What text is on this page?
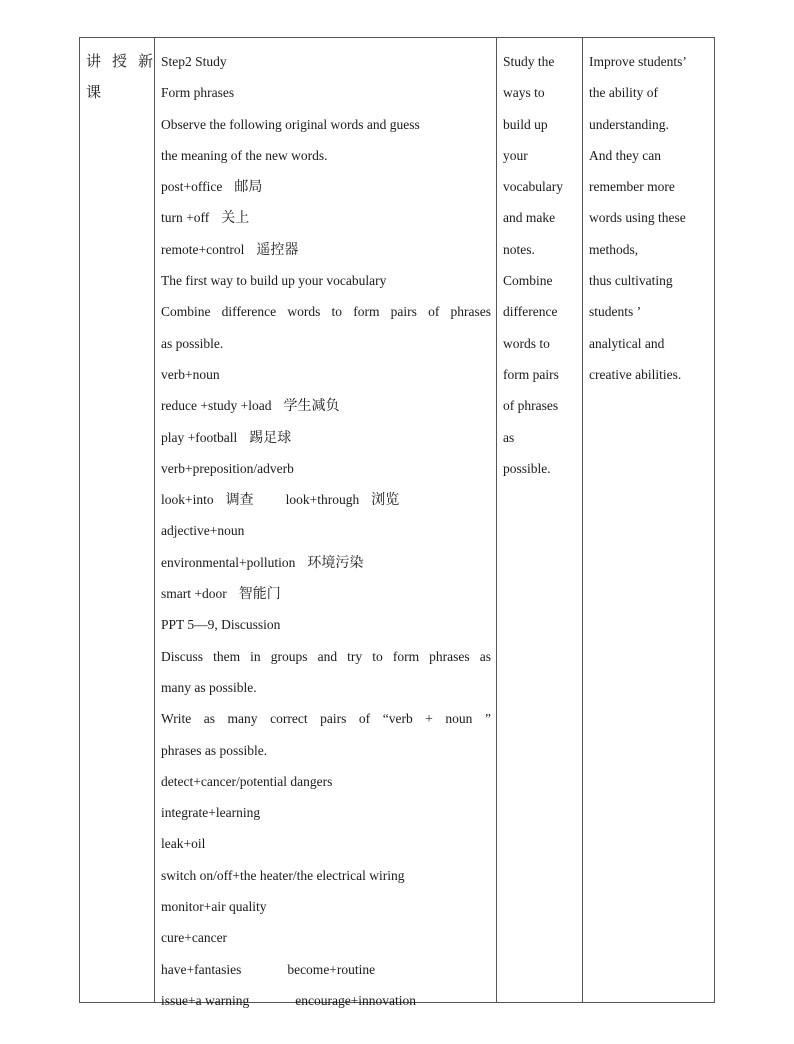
讲 授 新
课
Step2 Study
Form phrases
Observe the following original words and guess
the meaning of the new words.
post+office 邮局
turn +off 关上
remote+control 遥控器
The first way to build up your vocabulary
Combine difference words to form pairs of phrases
as possible.
verb+noun
reduce +study +load 学生减负
play +football 踢足球
verb+preposition/adverb
look+into 调查 look+through 浏览
adjective+noun
environmental+pollution 环境污染
smart +door 智能门
PPT 5—9, Discussion
Discuss them in groups and try to form phrases as
many as possible.
Write as many correct pairs of “verb + noun ”
phrases as possible.
detect+cancer/potential dangers
integrate+learning
leak+oil
switch on/off+the heater/the electrical wiring
monitor+air quality
cure+cancer
have+fantasies	become+routine
issue+a warning	encourage+innovation
Study the
ways to
build up
your
vocabulary
and make
notes.
Combine
difference
words to
form pairs
of phrases
as
possible.
Improve students’
the ability of
understanding.
And they can
remember more
words using these
methods,
thus cultivating
students ’
analytical and
creative abilities.
